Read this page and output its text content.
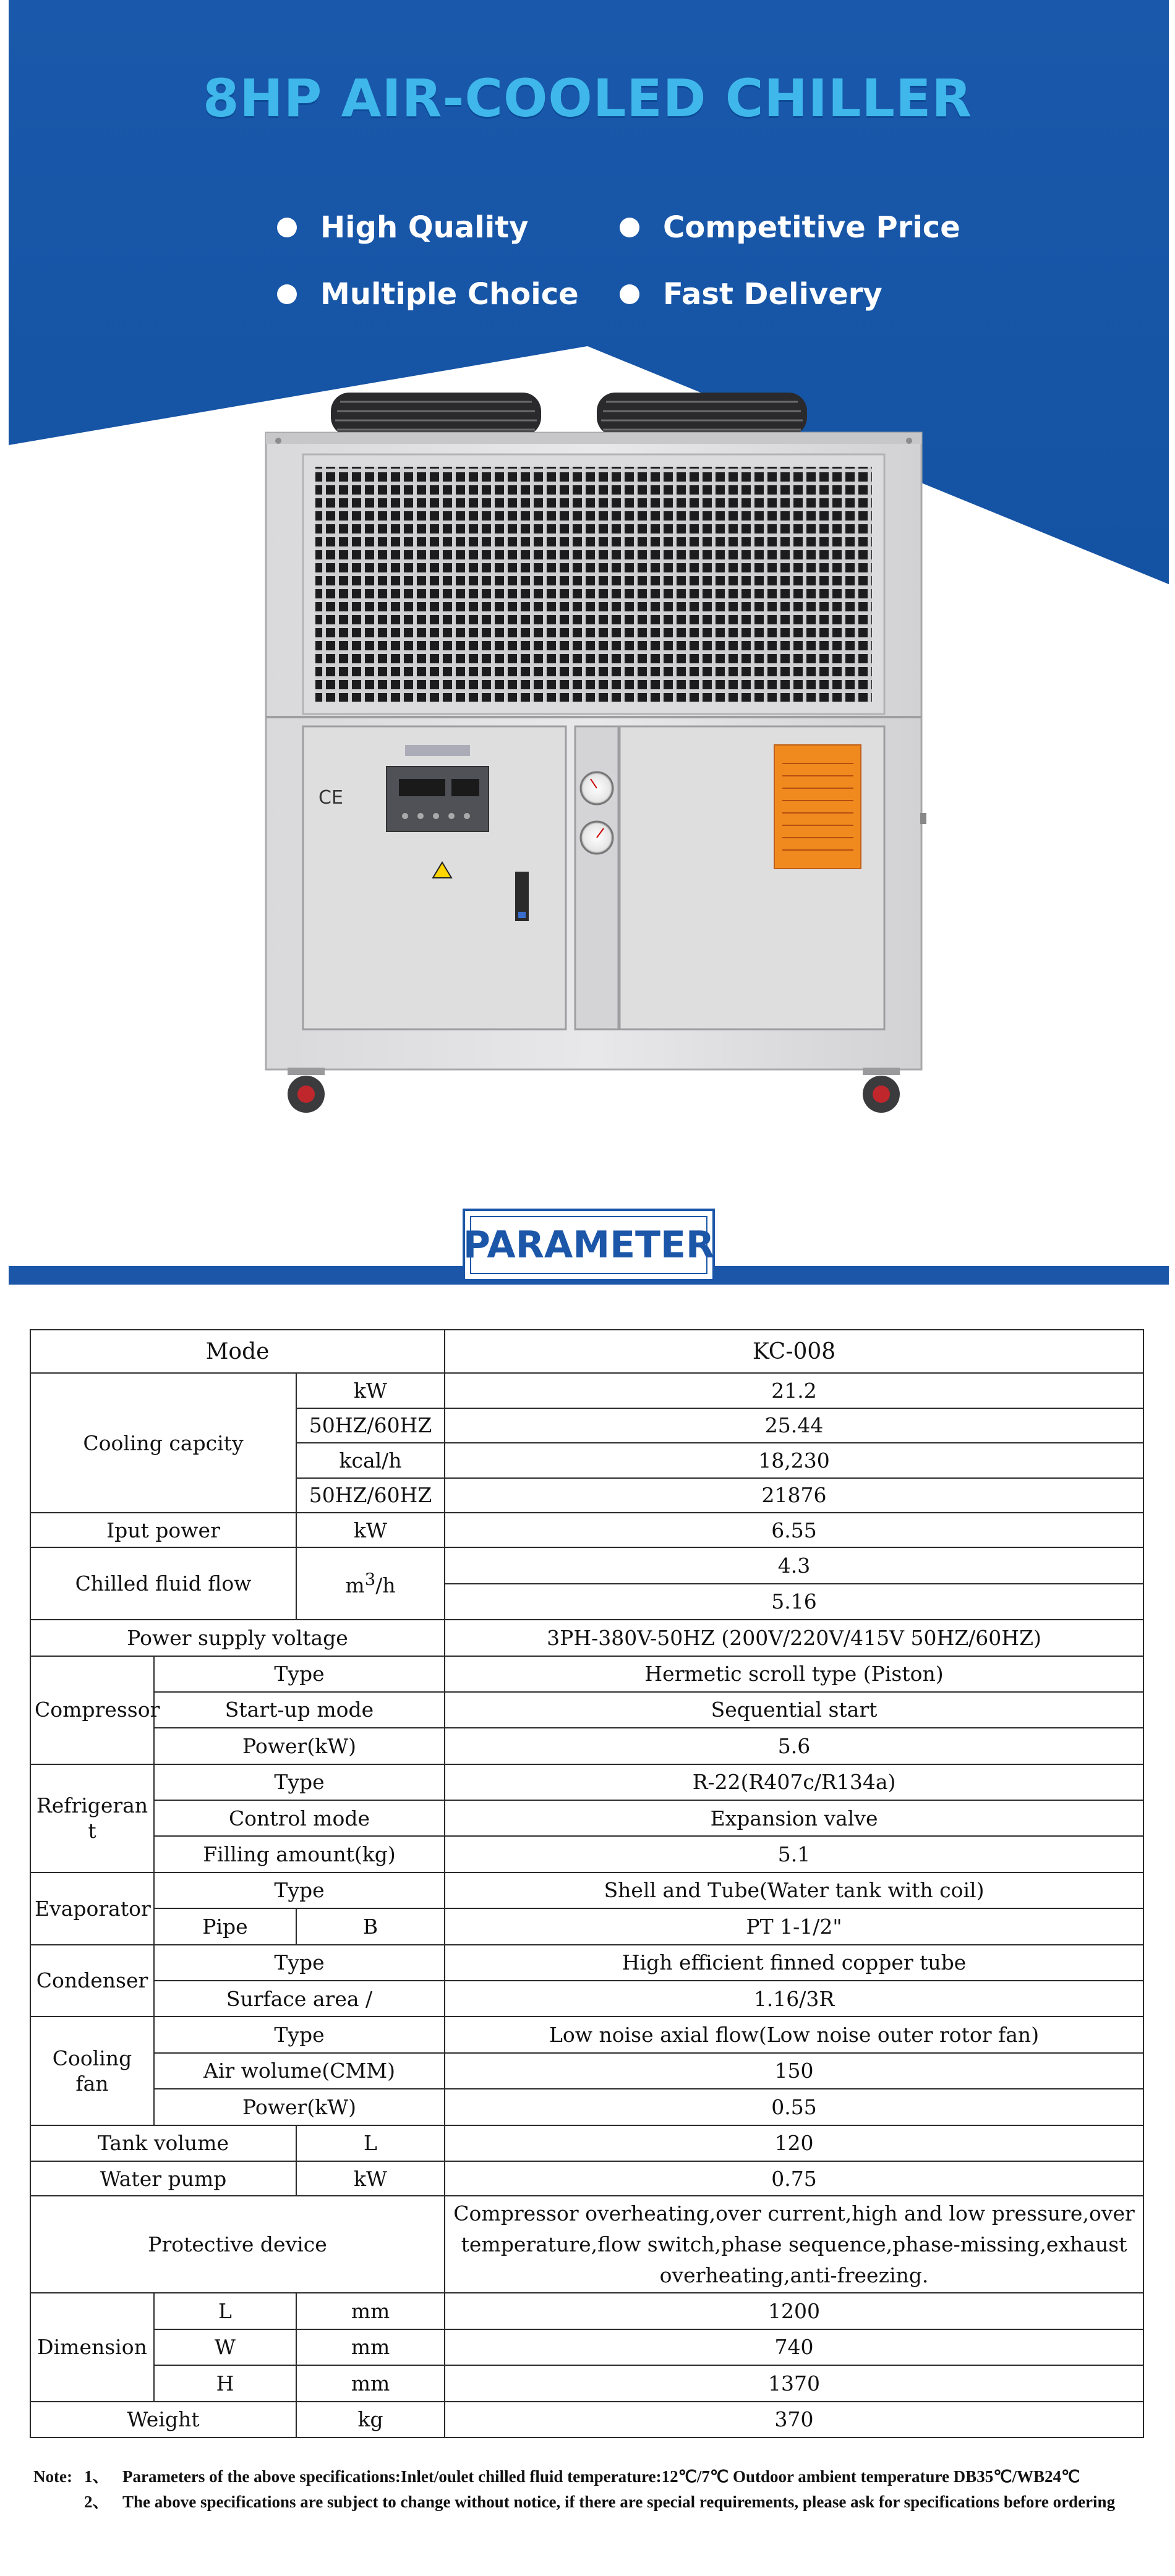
8HP AIR-COOLED CHILLER
High Quality	Competitive Price
Multiple Choice	Fast Delivery
CE
PARAMETER
Mode			KC-008
Cooling capcity		kW	21.2
		50HZ/60HZ	25.44
		kcal/h	18,230
		50HZ/60HZ	21876
Iput power		kW	6.55
Chilled fluid flow		$m^3/h$	4.3
			5.16
Power supply voltage			3PH-380V-50HZ (200V/220V/415V 50HZ/60HZ)
Compressor	Type		Hermetic scroll type (Piston)
	Start-up mode		Sequential start
	Power(kW)		5.6
Refrigeran t	Type		R-22(R407c/R134a)
	Control mode		Expansion valve
	Filling amount(kg)		5.1
Evaporator	Type		Shell and Tube(Water tank with coil)
	Pipe	B	PT 1-1/2"
Condenser	Type		High efficient finned copper tube
	Surface area /		1.16/3R
Cooling fan	Type		Low noise axial flow(Low noise outer rotor fan)
	Air wolume(CMM)		150
	Power(kW)		0.55
Tank volume		L	120
Water pump		kW	0.75
Protective device			Compressor overheating,over current,high and low pressure,over temperature,flow switch,phase sequence,phase-missing,exhaust overheating,anti-freezing.
Dimension	L	mm	1200
	W	mm	740
	H	mm	1370
Weight		kg	370
Note: 1、 Parameters of the above specifications:Inlet/oulet chilled fluid temperature:12℃/7℃ Outdoor ambient temperature DB35℃/WB24℃
2、 The above specifications are subject to change without notice, if there are special requirements, please ask for specifications before ordering
